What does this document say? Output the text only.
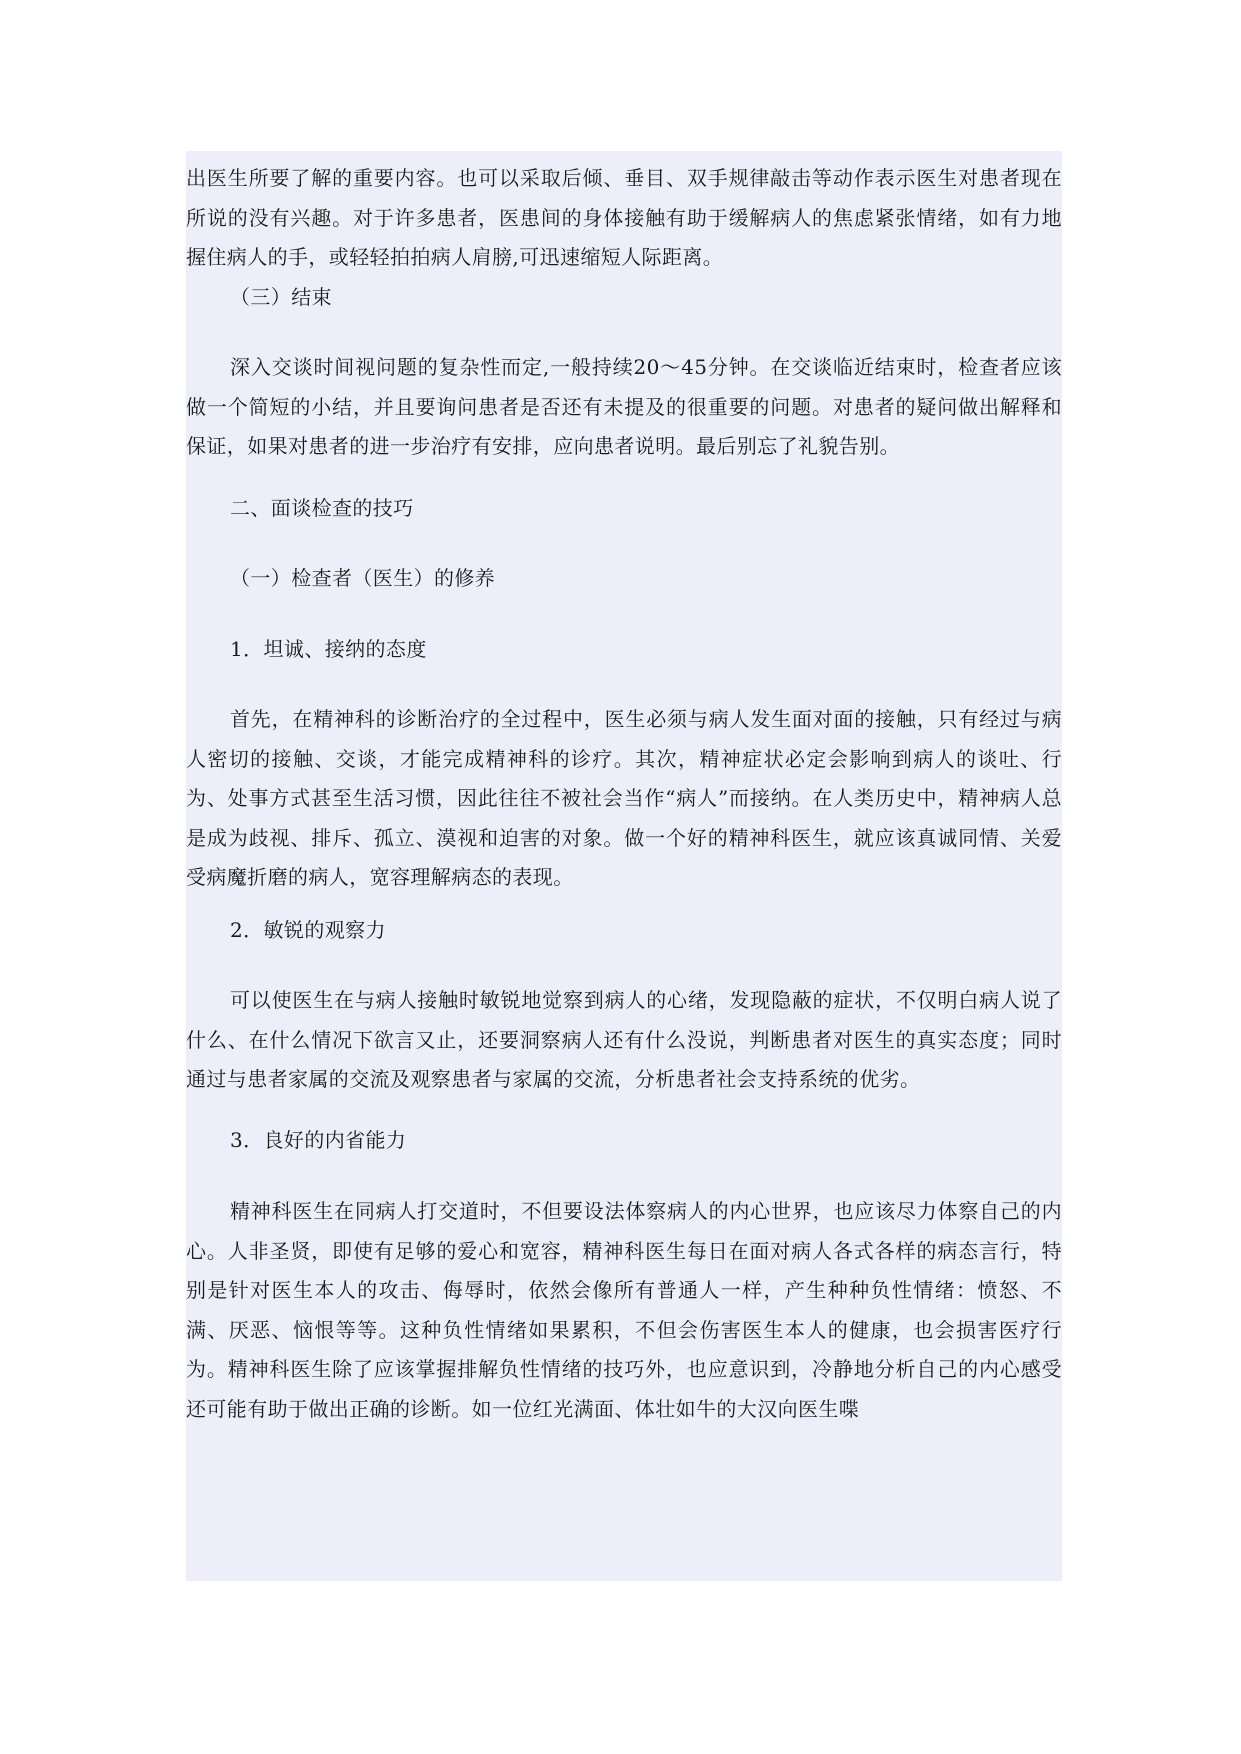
出医生所要了解的重要内容。也可以采取后倾、垂目、双手规律敲击等动作表示医生对患者现在所说的没有兴趣。对于许多患者，医患间的身体接触有助于缓解病人的焦虑紧张情绪，如有力地握住病人的手，或轻轻拍拍病人肩膀,可迅速缩短人际距离。

（三）结束

深入交谈时间视问题的复杂性而定,一般持续20～45分钟。在交谈临近结束时，检查者应该做一个简短的小结，并且要询问患者是否还有未提及的很重要的问题。对患者的疑问做出解释和保证，如果对患者的进一步治疗有安排，应向患者说明。最后别忘了礼貌告别。

二、面谈检查的技巧

（一）检查者（医生）的修养

1．坦诚、接纳的态度

首先，在精神科的诊断治疗的全过程中，医生必须与病人发生面对面的接触，只有经过与病人密切的接触、交谈，才能完成精神科的诊疗。其次，精神症状必定会影响到病人的谈吐、行为、处事方式甚至生活习惯，因此往往不被社会当作“病人”而接纳。在人类历史中，精神病人总是成为歧视、排斥、孤立、漠视和迫害的对象。做一个好的精神科医生，就应该真诚同情、关爱受病魔折磨的病人，宽容理解病态的表现。

2．敏锐的观察力

可以使医生在与病人接触时敏锐地觉察到病人的心绪，发现隐蔽的症状，不仅明白病人说了什么、在什么情况下欲言又止，还要洞察病人还有什么没说，判断患者对医生的真实态度；同时通过与患者家属的交流及观察患者与家属的交流，分析患者社会支持系统的优劣。

3．良好的内省能力

精神科医生在同病人打交道时，不但要设法体察病人的内心世界，也应该尽力体察自己的内心。人非圣贤，即使有足够的爱心和宽容，精神科医生每日在面对病人各式各样的病态言行，特别是针对医生本人的攻击、侮辱时，依然会像所有普通人一样，产生种种负性情绪：愤怒、不满、厌恶、恼恨等等。这种负性情绪如果累积，不但会伤害医生本人的健康，也会损害医疗行为。精神科医生除了应该掌握排解负性情绪的技巧外，也应意识到，冷静地分析自己的内心感受还可能有助于做出正确的诊断。如一位红光满面、体壮如牛的大汉向医生喋
